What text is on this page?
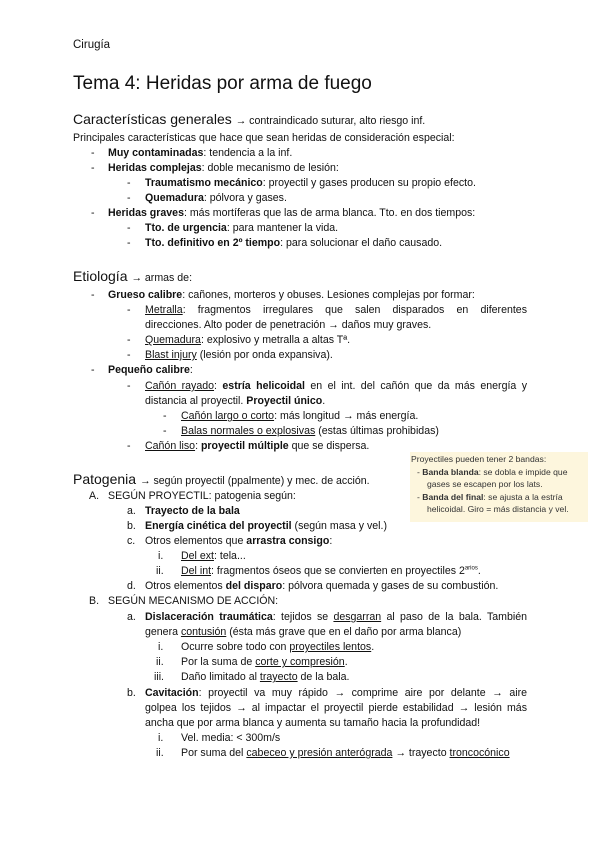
Cirugía
Tema 4: Heridas por arma de fuego
Características generales → contraindicado suturar, alto riesgo inf.
Principales características que hace que sean heridas de consideración especial:
- Muy contaminadas: tendencia a la inf.
- Heridas complejas: doble mecanismo de lesión:
- Traumatismo mecánico: proyectil y gases producen su propio efecto.
- Quemadura: pólvora y gases.
- Heridas graves: más mortíferas que las de arma blanca. Tto. en dos tiempos:
- Tto. de urgencia: para mantener la vida.
- Tto. definitivo en 2º tiempo: para solucionar el daño causado.
Etiología → armas de:
- Grueso calibre: cañones, morteros y obuses. Lesiones complejas por formar:
- Metralla: fragmentos irregulares que salen disparados en diferentes
direcciones. Alto poder de penetración → daños muy graves.
- Quemadura: explosivo y metralla a altas Tª.
- Blast injury (lesión por onda expansiva).
- Pequeño calibre:
- Cañón rayado: estría helicoidal en el int. del cañón que da más energía y
distancia al proyectil. Proyectil único.
- Cañón largo o corto: más longitud → más energía.
- Balas normales o explosivas (estas últimas prohibidas)
- Cañón liso: proyectil múltiple que se dispersa.
Proyectiles pueden tener 2 bandas:
- Banda blanda: se dobla e impide que
gases se escapen por los lats.
- Banda del final: se ajusta a la estría
helicoidal. Giro = más distancia y vel.
Patogenia → según proyectil (ppalmente) y mec. de acción.
A. SEGÚN PROYECTIL: patogenia según:
a. Trayecto de la bala
b. Energía cinética del proyectil (según masa y vel.)
c. Otros elementos que arrastra consigo:
i. Del ext: tela...
ii. Del int: fragmentos óseos que se convierten en proyectiles $2^{arios}$.
d. Otros elementos del disparo: pólvora quemada y gases de su combustión.
B. SEGÚN MECANISMO DE ACCIÓN:
a. Dislaceración traumática: tejidos se desgarran al paso de la bala. También
genera contusión (ésta más grave que en el daño por arma blanca)
i. Ocurre sobre todo con proyectiles lentos.
ii. Por la suma de corte y compresión.
iii. Daño limitado al trayecto de la bala.
b. Cavitación: proyectil va muy rápido → comprime aire por delante → aire
golpea los tejidos → al impactar el proyectil pierde estabilidad → lesión más
ancha que por arma blanca y aumenta su tamaño hacia la profundidad!
i. Vel. media: < 300m/s
ii. Por suma del cabeceo y presión anterógrada → trayecto troncocónico
